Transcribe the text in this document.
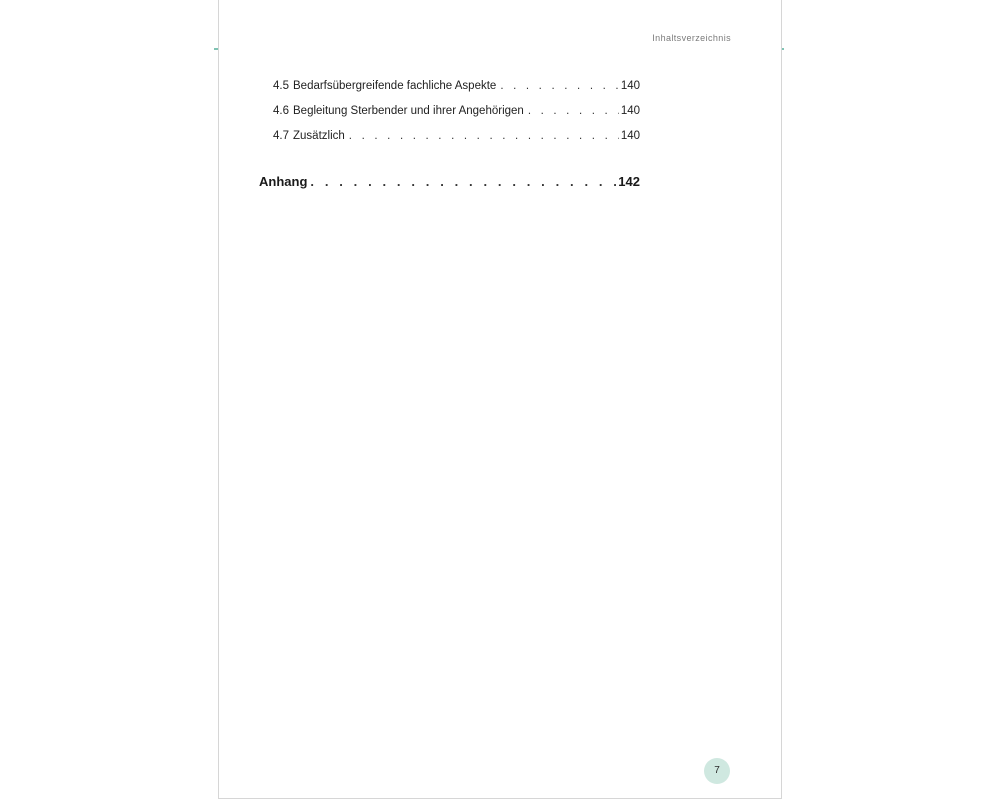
Inhaltsverzeichnis
4.5 Bedarfsübergreifende fachliche Aspekte . . .	140
4.6 Begleitung Sterbender und ihrer Angehörigen . . .	140
4.7 Zusätzlich . . .	140
Anhang . . .	142
7
